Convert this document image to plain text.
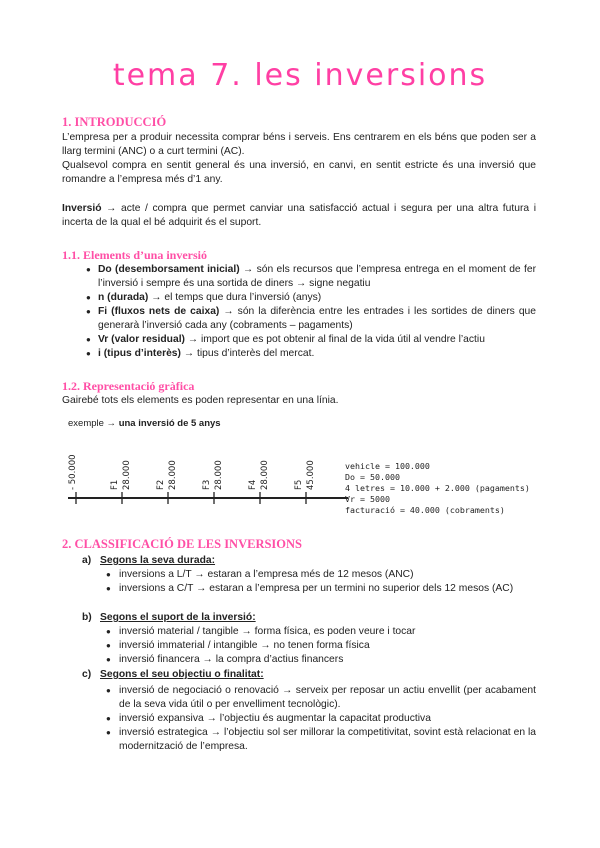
tema 7. les inversions
1. INTRODUCCIÓ
L’empresa per a produir necessita comprar béns i serveis. Ens centrarem en els béns que poden ser a llarg termini (ANC) o a curt termini (AC).
Qualsevol compra en sentit general és una inversió, en canvi, en sentit estricte és una inversió que romandre a l’empresa més d’1 any.
Inversió → acte / compra que permet canviar una satisfacció actual i segura per una altra futura i incerta de la qual el bé adquirit és el suport.
1.1. Elements d’una inversió
● Do (desemborsament inicial) → són els recursos que l’empresa entrega en el moment de fer l’inversió i sempre és una sortida de diners → signe negatiu
● n (durada) → el temps que dura l’inversió (anys)
● Fi (fluxos nets de caixa) → són la diferència entre les entrades i les sortides de diners que generarà l’inversió cada any (cobraments – pagaments)
● Vr (valor residual) → import que es pot obtenir al final de la vida útil al vendre l’actiu
● i (tipus d’interès) → tipus d’interès del mercat.
1.2. Representació gràfica
Gairebé tots els elements es poden representar en una línia.
exemple → una inversió de 5 anys
- 50.000	F1 28.000	F2 28.000	F3 28.000	F4 28.000	F5 45.000	vehicle = 100.000
Do = 50.000
4 letres = 10.000 + 2.000 (pagaments)
Vr = 5000
facturació = 40.000 (cobraments)
2. CLASSIFICACIÓ DE LES INVERSIONS
a) Segons la seva durada:
● inversions a L/T → estaran a l’empresa més de 12 mesos (ANC)
● inversions a C/T → estaran a l’empresa per un termini no superior dels 12 mesos (AC)
b) Segons el suport de la inversió:
● inversió material / tangible → forma física, es poden veure i tocar
● inversió immaterial / intangible → no tenen forma física
● inversió financera → la compra d’actius financers
c) Segons el seu objectiu o finalitat:
● inversió de negociació o renovació → serveix per reposar un actiu envellit (per acabament de la seva vida útil o per envelliment tecnològic).
● inversió expansiva → l’objectiu és augmentar la capacitat productiva
● inversió estrategica → l’objectiu sol ser millorar la competitivitat, sovint està relacionat en la modernització de l’empresa.
